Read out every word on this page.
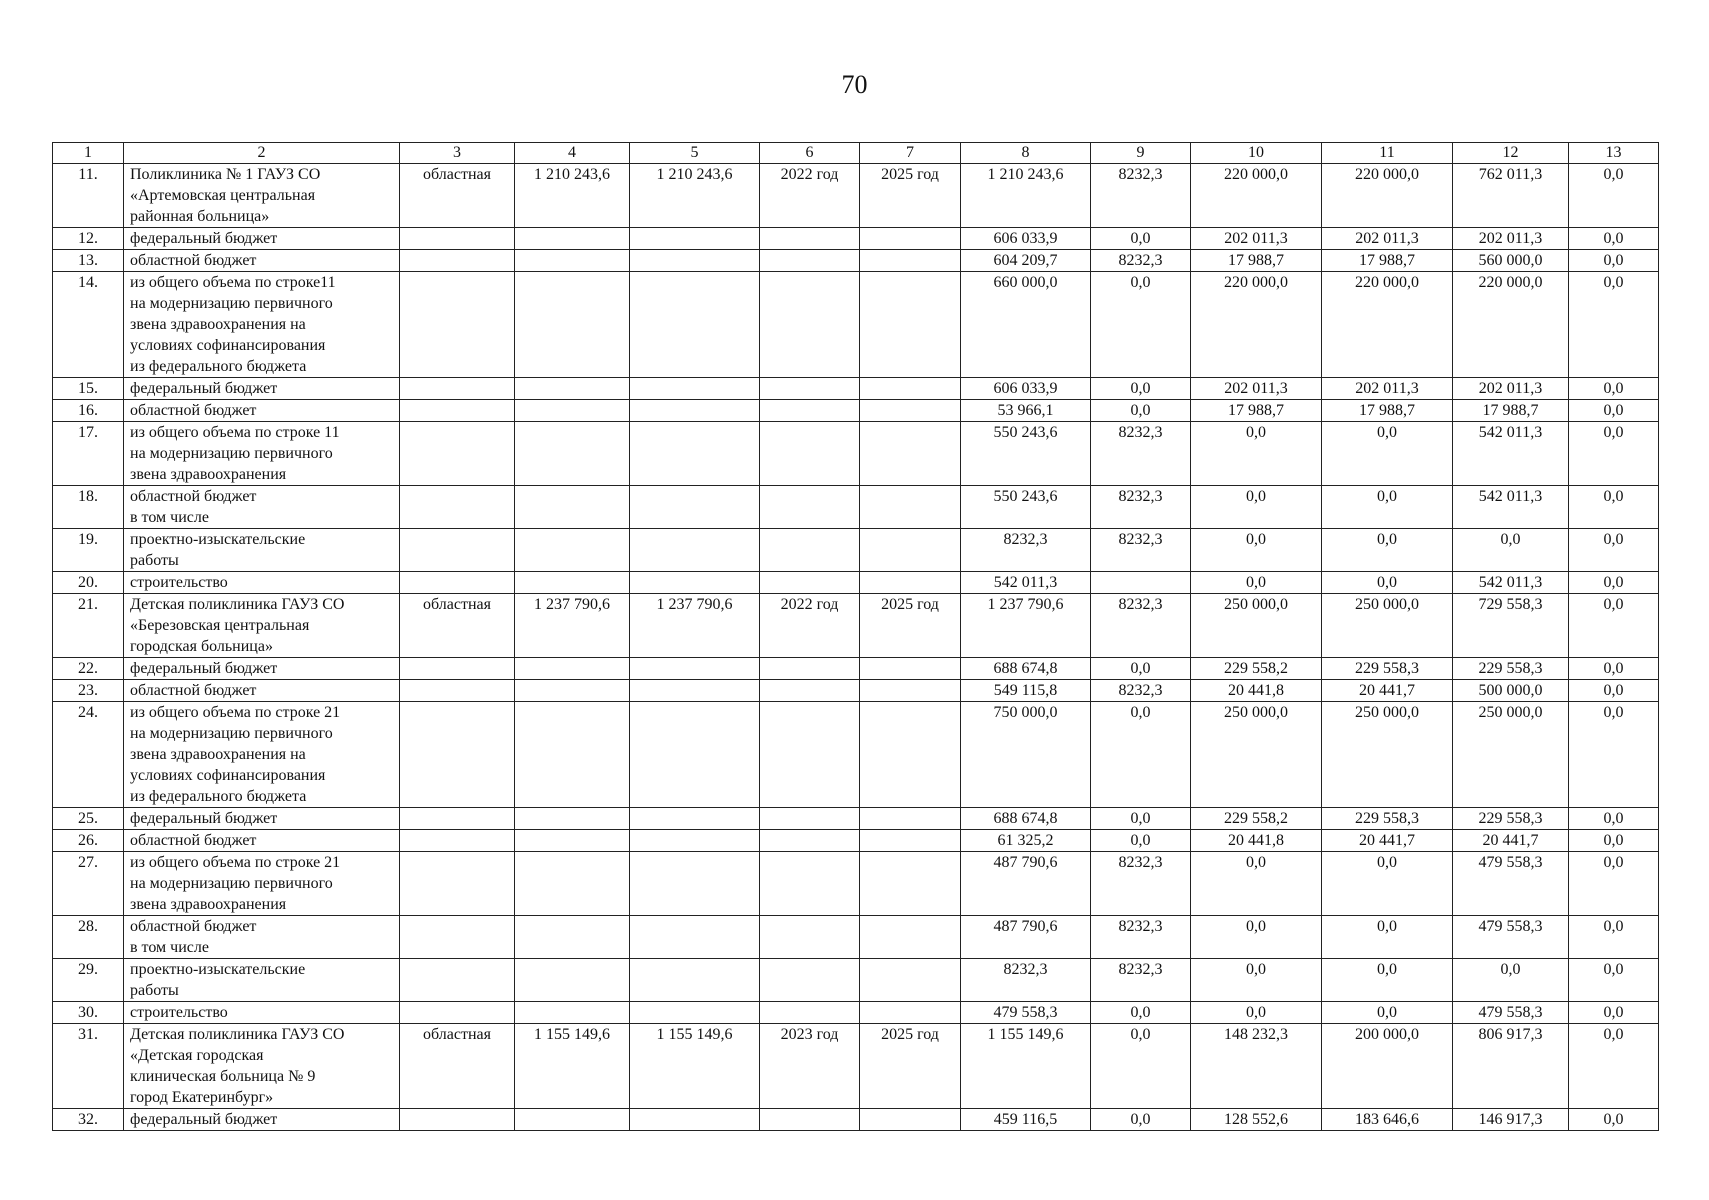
70
1	2	3	4	5	6	7	8	9	10	11	12	13
11.	Поликлиника № 1 ГАУЗ СО
«Артемовская центральная
районная больница»	областная	1 210 243,6	1 210 243,6	2022 год	2025 год	1 210 243,6	8232,3	220 000,0	220 000,0	762 011,3	0,0
12.	федеральный бюджет						606 033,9	0,0	202 011,3	202 011,3	202 011,3	0,0
13.	областной бюджет						604 209,7	8232,3	17 988,7	17 988,7	560 000,0	0,0
14.	из общего объема по строке11
на модернизацию первичного
звена здравоохранения на
условиях софинансирования
из федерального бюджета						660 000,0	0,0	220 000,0	220 000,0	220 000,0	0,0
15.	федеральный бюджет						606 033,9	0,0	202 011,3	202 011,3	202 011,3	0,0
16.	областной бюджет						53 966,1	0,0	17 988,7	17 988,7	17 988,7	0,0
17.	из общего объема по строке 11
на модернизацию первичного
звена здравоохранения						550 243,6	8232,3	0,0	0,0	542 011,3	0,0
18.	областной бюджет
в том числе						550 243,6	8232,3	0,0	0,0	542 011,3	0,0
19.	проектно-изыскательские
работы						8232,3	8232,3	0,0	0,0	0,0	0,0
20.	строительство						542 011,3		0,0	0,0	542 011,3	0,0
21.	Детская поликлиника ГАУЗ СО
«Березовская центральная
городская больница»	областная	1 237 790,6	1 237 790,6	2022 год	2025 год	1 237 790,6	8232,3	250 000,0	250 000,0	729 558,3	0,0
22.	федеральный бюджет						688 674,8	0,0	229 558,2	229 558,3	229 558,3	0,0
23.	областной бюджет						549 115,8	8232,3	20 441,8	20 441,7	500 000,0	0,0
24.	из общего объема по строке 21
на модернизацию первичного
звена здравоохранения на
условиях софинансирования
из федерального бюджета						750 000,0	0,0	250 000,0	250 000,0	250 000,0	0,0
25.	федеральный бюджет						688 674,8	0,0	229 558,2	229 558,3	229 558,3	0,0
26.	областной бюджет						61 325,2	0,0	20 441,8	20 441,7	20 441,7	0,0
27.	из общего объема по строке 21
на модернизацию первичного
звена здравоохранения						487 790,6	8232,3	0,0	0,0	479 558,3	0,0
28.	областной бюджет
в том числе						487 790,6	8232,3	0,0	0,0	479 558,3	0,0
29.	проектно-изыскательские
работы						8232,3	8232,3	0,0	0,0	0,0	0,0
30.	строительство						479 558,3	0,0	0,0	0,0	479 558,3	0,0
31.	Детская поликлиника ГАУЗ СО
«Детская городская
клиническая больница № 9
город Екатеринбург»	областная	1 155 149,6	1 155 149,6	2023 год	2025 год	1 155 149,6	0,0	148 232,3	200 000,0	806 917,3	0,0
32.	федеральный бюджет						459 116,5	0,0	128 552,6	183 646,6	146 917,3	0,0
